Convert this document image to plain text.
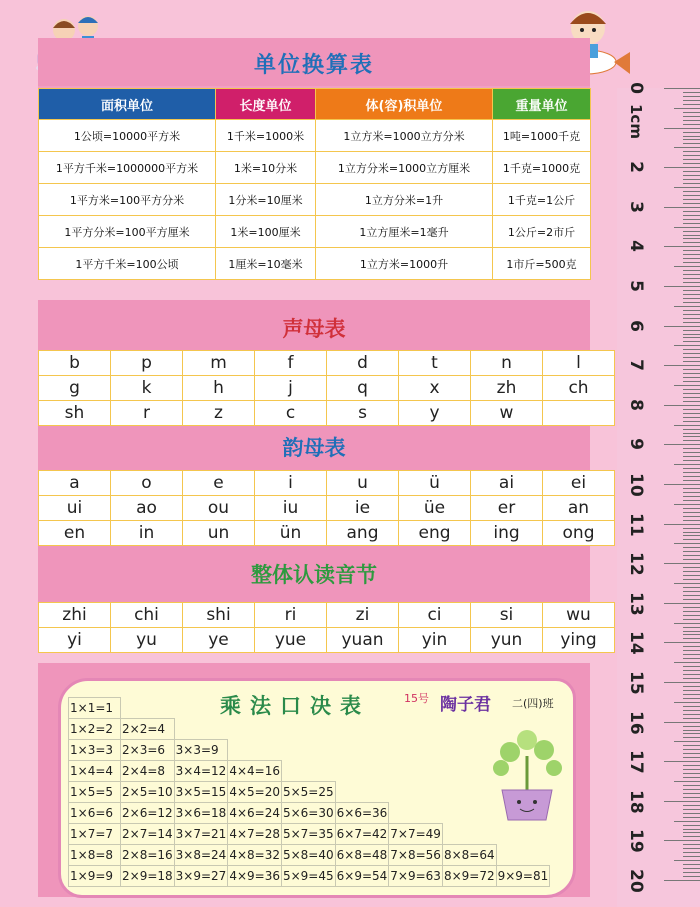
单位换算表
面积单位	长度单位	体(容)积单位	重量单位
1公顷=10000平方米	1千米=1000米	1立方米=1000立方分米	1吨=1000千克
1平方千米=1000000平方米	1米=10分米	1立方分米=1000立方厘米	1千克=1000克
1平方米=100平方分米	1分米=10厘米	1立方分米=1升	1千克=1公斤
1平方分米=100平方厘米	1米=100厘米	1立方厘米=1毫升	1公斤=2市斤
1平方千米=100公顷	1厘米=10毫米	1立方米=1000升	1市斤=500克
声母表
b	p	m	f	d	t	n	l
g	k	h	j	q	x	zh	ch
sh	r	z	c	s	y	w	
韵母表
a	o	e	i	u	ü	ai	ei
ui	ao	ou	iu	ie	üe	er	an
en	in	un	ün	ang	eng	ing	ong
整体认读音节
zhi	chi	shi	ri	zi	ci	si	wu
yi	yu	ye	yue	yuan	yin	yun	ying
乘法口决表	15号 陶子君 二(四)班
1×1=1								
1×2=2	2×2=4							
1×3=3	2×3=6	3×3=9						
1×4=4	2×4=8	3×4=12	4×4=16					
1×5=5	2×5=10	3×5=15	4×5=20	5×5=25				
1×6=6	2×6=12	3×6=18	4×6=24	5×6=30	6×6=36			
1×7=7	2×7=14	3×7=21	4×7=28	5×7=35	6×7=42	7×7=49		
1×8=8	2×8=16	3×8=24	4×8=32	5×8=40	6×8=48	7×8=56	8×8=64	
1×9=9	2×9=18	3×9=27	4×9=36	5×9=45	6×9=54	7×9=63	8×9=72	9×9=81
0
1cm
2
3
4
5
6
7
8
9
10
11
12
13
14
15
16
17
18
19
20
